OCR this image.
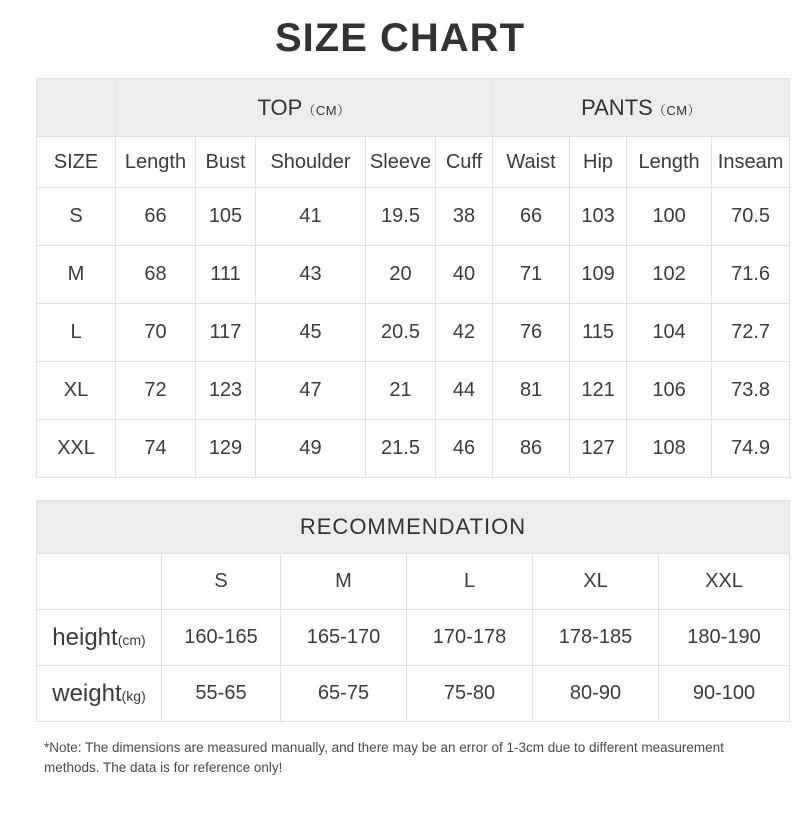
SIZE CHART
	TOP（CM）					PANTS（CM）			
SIZE	Length	Bust	Shoulder	Sleeve	Cuff	Waist	Hip	Length	Inseam
S	66	105	41	19.5	38	66	103	100	70.5
M	68	111	43	20	40	71	109	102	71.6
L	70	117	45	20.5	42	76	115	104	72.7
XL	72	123	47	21	44	81	121	106	73.8
XXL	74	129	49	21.5	46	86	127	108	74.9
RECOMMENDATION					
	S	M	L	XL	XXL
height(cm)	160-165	165-170	170-178	178-185	180-190
weight(kg)	55-65	65-75	75-80	80-90	90-100
*Note: The dimensions are measured manually, and there may be an error of 1-3cm due to different measurement methods. The data is for reference only!
